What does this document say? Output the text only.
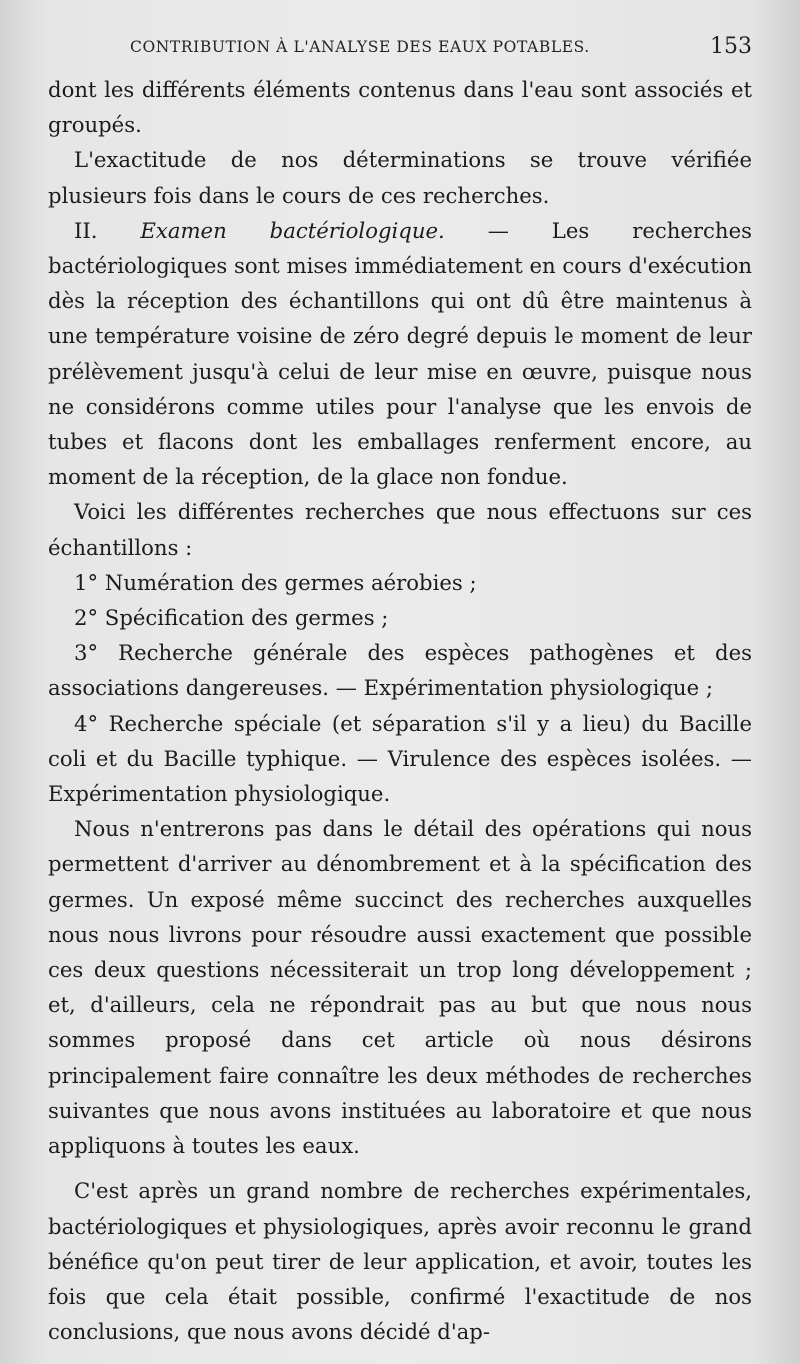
CONTRIBUTION À L'ANALYSE DES EAUX POTABLES.	153

dont les différents éléments contenus dans l'eau sont associés et groupés.

L'exactitude de nos déterminations se trouve vérifiée plusieurs fois dans le cours de ces recherches.

II. Examen bactériologique. — Les recherches bactériologiques sont mises immédiatement en cours d'exécution dès la réception des échantillons qui ont dû être maintenus à une température voisine de zéro degré depuis le moment de leur prélèvement jusqu'à celui de leur mise en œuvre, puisque nous ne considérons comme utiles pour l'analyse que les envois de tubes et flacons dont les emballages renferment encore, au moment de la réception, de la glace non fondue.

Voici les différentes recherches que nous effectuons sur ces échantillons :

1° Numération des germes aérobies ;

2° Spécification des germes ;

3° Recherche générale des espèces pathogènes et des associations dangereuses. — Expérimentation physiologique ;

4° Recherche spéciale (et séparation s'il y a lieu) du Bacille coli et du Bacille typhique. — Virulence des espèces isolées. — Expérimentation physiologique.

Nous n'entrerons pas dans le détail des opérations qui nous permettent d'arriver au dénombrement et à la spécification des germes. Un exposé même succinct des recherches auxquelles nous nous livrons pour résoudre aussi exactement que possible ces deux questions nécessiterait un trop long développement ; et, d'ailleurs, cela ne répondrait pas au but que nous nous sommes proposé dans cet article où nous désirons principalement faire connaître les deux méthodes de recherches suivantes que nous avons instituées au laboratoire et que nous appliquons à toutes les eaux.

C'est après un grand nombre de recherches expérimentales, bactériologiques et physiologiques, après avoir reconnu le grand bénéfice qu'on peut tirer de leur application, et avoir, toutes les fois que cela était possible, confirmé l'exactitude de nos conclusions, que nous avons décidé d'ap-
